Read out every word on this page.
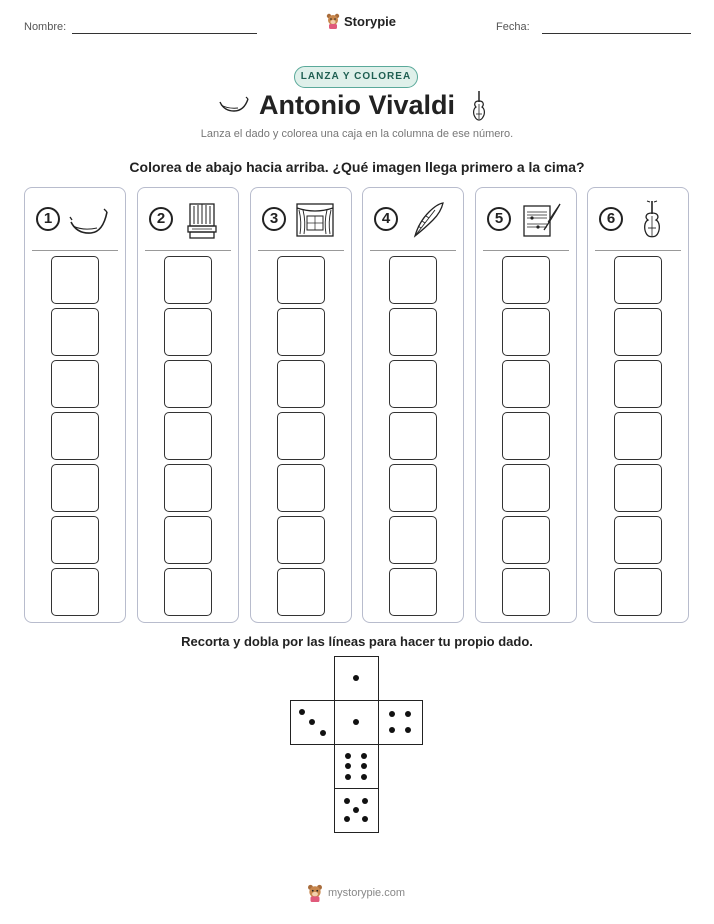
Nombre:	Storypie	Fecha:
LANZA Y COLOREA
Antonio Vivaldi
Lanza el dado y colorea una caja en la columna de ese número.
Colorea de abajo hacia arriba. ¿Qué imagen llega primero a la cima?
1	2	3	4	5	6
Recorta y dobla por las líneas para hacer tu propio dado.
mystorypie.com
